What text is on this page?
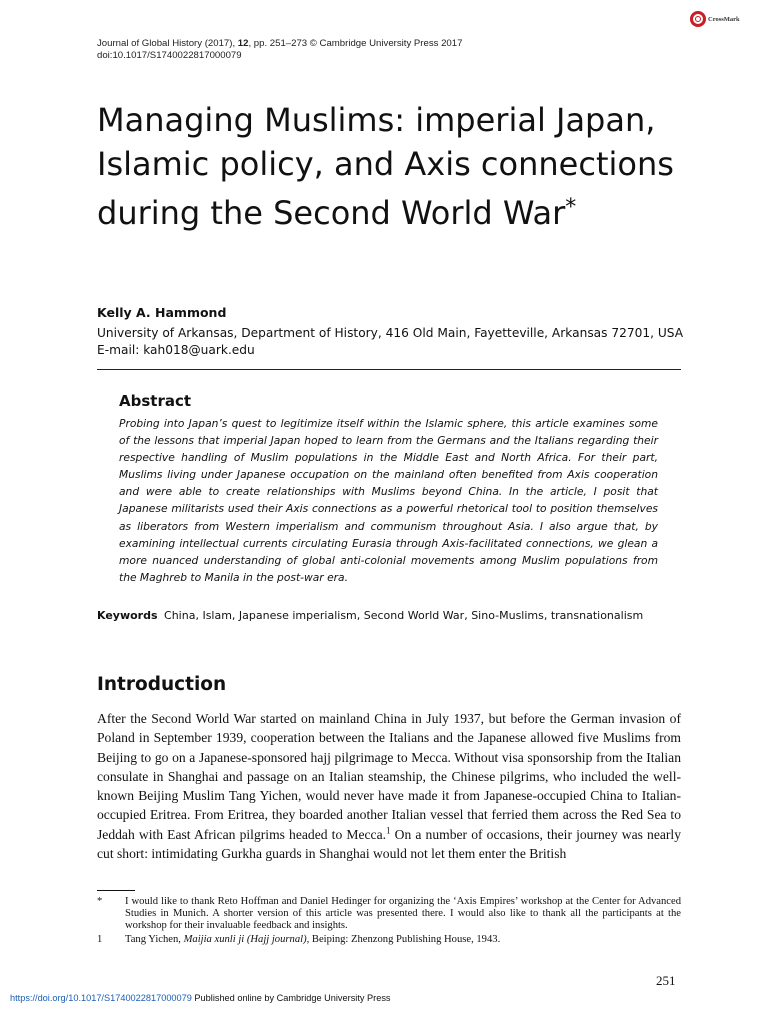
Journal of Global History (2017), 12, pp. 251–273 © Cambridge University Press 2017
doi:10.1017/S1740022817000079
CrossMark
Managing Muslims: imperial Japan,
Islamic policy, and Axis connections
during the Second World War*
Kelly A. Hammond
University of Arkansas, Department of History, 416 Old Main, Fayetteville, Arkansas 72701, USA
E-mail: kah018@uark.edu
Abstract

Probing into Japan’s quest to legitimize itself within the Islamic sphere, this article examines some of the lessons that imperial Japan hoped to learn from the Germans and the Italians regarding their respective handling of Muslim populations in the Middle East and North Africa. For their part, Muslims living under Japanese occupation on the mainland often benefited from Axis cooperation and were able to create relationships with Muslims beyond China. In the article, I posit that Japanese militarists used their Axis connections as a powerful rhetorical tool to position themselves as liberators from Western imperialism and communism throughout Asia. I also argue that, by examining intellectual currents circulating Eurasia through Axis-facilitated connections, we glean a more nuanced understanding of global anti-colonial movements among Muslim populations from the Maghreb to Manila in the post-war era.

Keywords China, Islam, Japanese imperialism, Second World War, Sino-Muslims, transnationalism
Introduction

After the Second World War started on mainland China in July 1937, but before the German invasion of Poland in September 1939, cooperation between the Italians and the Japanese allowed five Muslims from Beijing to go on a Japanese-sponsored hajj pilgrimage to Mecca. Without visa sponsorship from the Italian consulate in Shanghai and passage on an Italian steamship, the Chinese pilgrims, who included the well-known Beijing Muslim Tang Yichen, would never have made it from Japanese-occupied China to Italian-occupied Eritrea. From Eritrea, they boarded another Italian vessel that ferried them across the Red Sea to Jeddah with East African pilgrims headed to Mecca.$^1$ On a number of occasions, their journey was nearly cut short: intimidating Gurkha guards in Shanghai would not let them enter the British

*	I would like to thank Reto Hoffman and Daniel Hedinger for organizing the ‘Axis Empires’ workshop at the Center for Advanced Studies in Munich. A shorter version of this article was presented there. I would also like to thank all the participants at the workshop for their invaluable feedback and insights.
1	Tang Yichen, Maijia xunli ji (Hajj journal), Beiping: Zhenzong Publishing House, 1943.
251
https://doi.org/10.1017/S1740022817000079 Published online by Cambridge University Press
